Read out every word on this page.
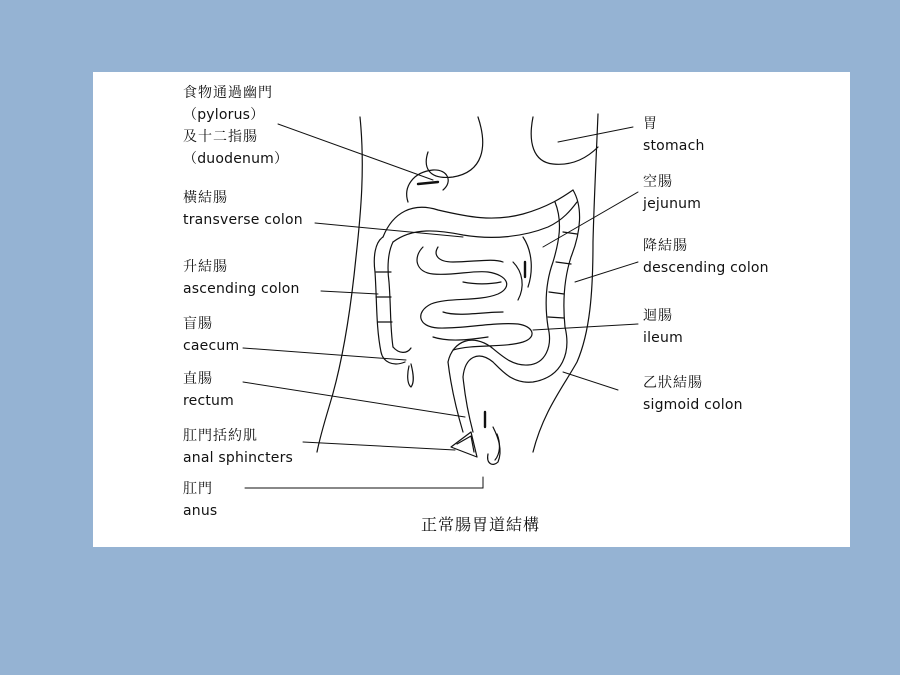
食物通過幽門
（pylorus）
及十二指腸
（duodenum）
橫結腸
transverse colon
升結腸
ascending colon
盲腸
caecum
直腸
rectum
肛門括約肌
anal sphincters
肛門
anus
胃
stomach
空腸
jejunum
降結腸
descending colon
迴腸
ileum
乙狀結腸
sigmoid colon
正常腸胃道結構
